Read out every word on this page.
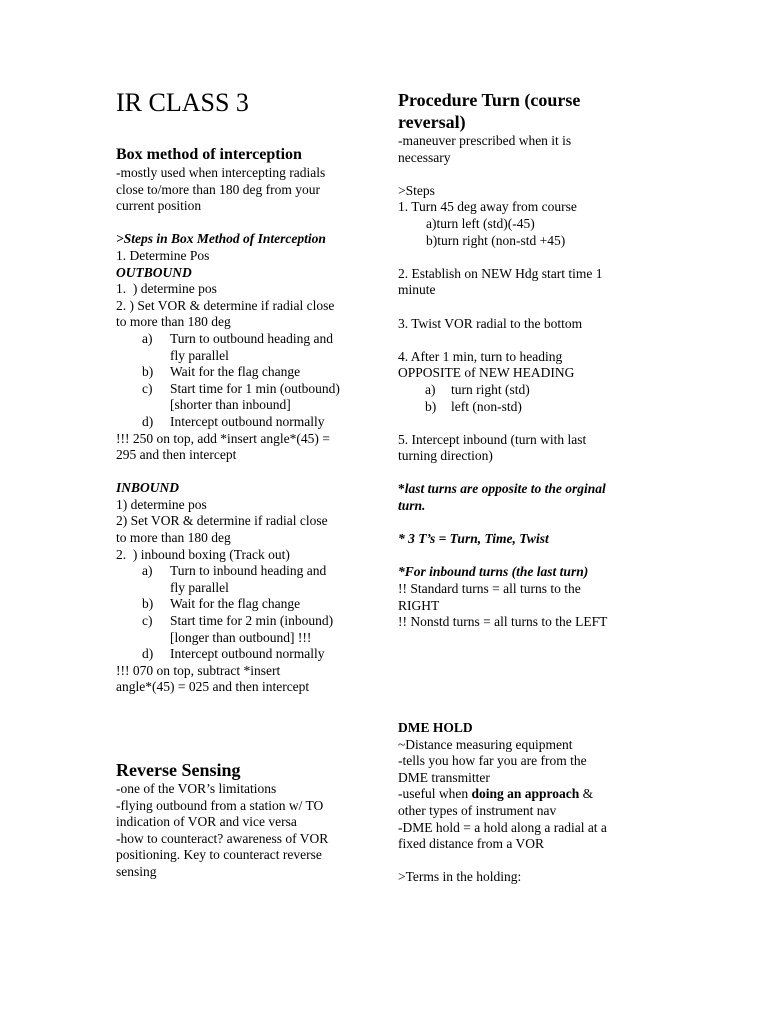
IR CLASS 3
Box method of interception
-mostly used when intercepting radials
close to/more than 180 deg from your
current position

>Steps in Box Method of Interception
1. Determine Pos
OUTBOUND
1.  ) determine pos
2. ) Set VOR & determine if radial close
to more than 180 deg
a) Turn to outbound heading and
fly parallel
b) Wait for the flag change
c) Start time for 1 min (outbound)
[shorter than inbound]
d) Intercept outbound normally
!!! 250 on top, add *insert angle*(45) =
295 and then intercept

INBOUND
1) determine pos
2) Set VOR & determine if radial close
to more than 180 deg
2.  ) inbound boxing (Track out)
a) Turn to inbound heading and
fly parallel
b) Wait for the flag change
c) Start time for 2 min (inbound)
[longer than outbound] !!!
d) Intercept outbound normally
!!! 070 on top, subtract *insert
angle*(45) = 025 and then intercept
Reverse Sensing
-one of the VOR’s limitations
-flying outbound from a station w/ TO
indication of VOR and vice versa
-how to counteract? awareness of VOR
positioning. Key to counteract reverse
sensing
Procedure Turn (course
reversal)
-maneuver prescribed when it is
necessary

>Steps
1. Turn 45 deg away from course
a)turn left (std)(-45)
b)turn right (non-std +45)

2. Establish on NEW Hdg start time 1
minute

3. Twist VOR radial to the bottom

4. After 1 min, turn to heading
OPPOSITE of NEW HEADING
a) turn right (std)
b) left (non-std)

5. Intercept inbound (turn with last
turning direction)

*last turns are opposite to the orginal
turn.

* 3 T’s = Turn, Time, Twist

*For inbound turns (the last turn)
!! Standard turns = all turns to the
RIGHT
!! Nonstd turns = all turns to the LEFT
DME HOLD
~Distance measuring equipment
-tells you how far you are from the
DME transmitter
-useful when doing an approach &
other types of instrument nav
-DME hold = a hold along a radial at a
fixed distance from a VOR

>Terms in the holding:
